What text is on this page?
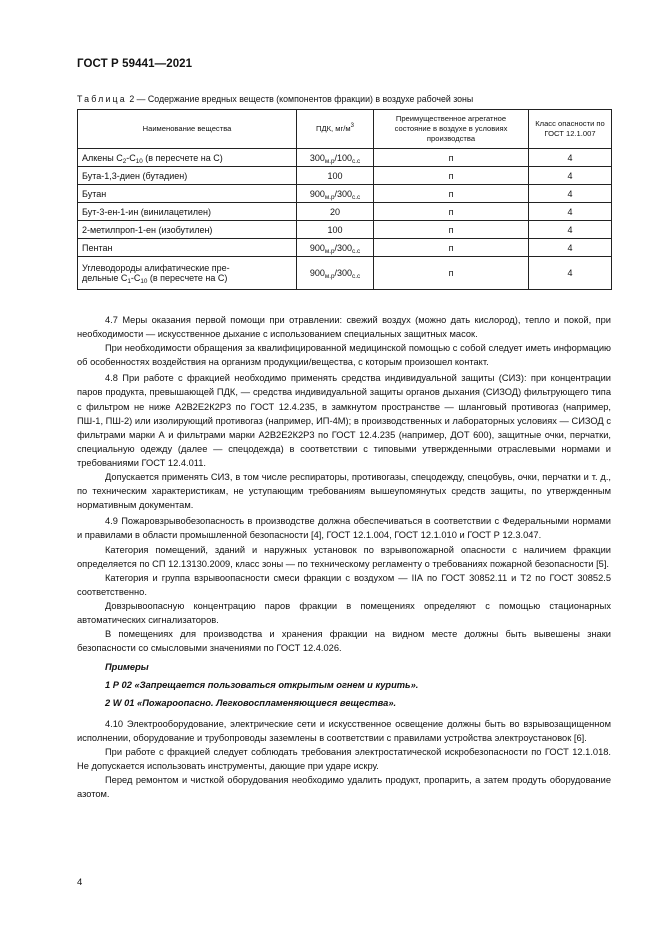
ГОСТ Р 59441—2021
Таблица 2 — Содержание вредных веществ (компонентов фракции) в воздухе рабочей зоны
Наименование вещества	ПДК, $мг/м^3$	Преимущественное агрегатное состояние в воздухе в условиях производства	Класс опасности по ГОСТ 12.1.007
Алкены $C_2-C_{10}$ (в пересчете на C)	$300_{м.р}/100_{с.с}$	п	4
Бута-1,3-диен (бутадиен)	100	п	4
Бутан	$900_{м.р}/300_{с.с}$	п	4
Бут-3-ен-1-ин (винилацетилен)	20	п	4
2-метилпроп-1-ен (изобутилен)	100	п	4
Пентан	$900_{м.р}/300_{с.с}$	п	4
Углеводороды алифатические пре-
дельные $C_1-C_{10}$ (в пересчете на C)	$900_{м.р}/300_{с.с}$	п	4

4.7 Меры оказания первой помощи при отравлении: свежий воздух (можно дать кислород), тепло и покой, при необходимости — искусственное дыхание с использованием специальных защитных масок.

При необходимости обращения за квалифицированной медицинской помощью с собой следует иметь информацию об особенностях воздействия на организм продукции/вещества, с которым произошел контакт.

4.8 При работе с фракцией необходимо применять средства индивидуальной защиты (СИЗ): при концентрации паров продукта, превышающей ПДК, — средства индивидуальной защиты органов дыхания (СИЗОД) фильтрующего типа с фильтром не ниже А2В2Е2К2Р3 по ГОСТ 12.4.235, в замкнутом пространстве — шланговый противогаз (например, ПШ-1, ПШ-2) или изолирующий противогаз (например, ИП-4М); в производственных и лабораторных условиях — СИЗОД с фильтрами марки А и фильтрами марки А2В2Е2К2Р3 по ГОСТ 12.4.235 (например, ДОТ 600), защитные очки, перчатки, специальную одежду (далее — спецодежда) в соответствии с типовыми утвержденными отраслевыми нормами и требованиями ГОСТ 12.4.011.

Допускается применять СИЗ, в том числе респираторы, противогазы, спецодежду, спецобувь, очки, перчатки и т. д., по техническим характеристикам, не уступающим требованиям вышеупомянутых средств защиты, по утвержденным нормативным документам.

4.9 Пожаровзрывобезопасность в производстве должна обеспечиваться в соответствии с Федеральными нормами и правилами в области промышленной безопасности [4], ГОСТ 12.1.004, ГОСТ 12.1.010 и ГОСТ Р 12.3.047.

Категория помещений, зданий и наружных установок по взрывопожарной опасности с наличием фракции определяется по СП 12.13130.2009, класс зоны — по техническому регламенту о требованиях пожарной безопасности [5].

Категория и группа взрывоопасности смеси фракции с воздухом — IIА по ГОСТ 30852.11 и Т2 по ГОСТ 30852.5 соответственно.

Довзрывоопасную концентрацию паров фракции в помещениях определяют с помощью стационарных автоматических сигнализаторов.

В помещениях для производства и хранения фракции на видном месте должны быть вывешены знаки безопасности со смысловыми значениями по ГОСТ 12.4.026.

Примеры

1 Р 02 «Запрещается пользоваться открытым огнем и курить».

2 W 01 «Пожароопасно. Легковоспламеняющиеся вещества».

4.10 Электрооборудование, электрические сети и искусственное освещение должны быть во взрывозащищенном исполнении, оборудование и трубопроводы заземлены в соответствии с правилами устройства электроустановок [6].

При работе с фракцией следует соблюдать требования электростатической искробезопасности по ГОСТ 12.1.018. Не допускается использовать инструменты, дающие при ударе искру.

Перед ремонтом и чисткой оборудования необходимо удалить продукт, пропарить, а затем продуть оборудование азотом.

4
